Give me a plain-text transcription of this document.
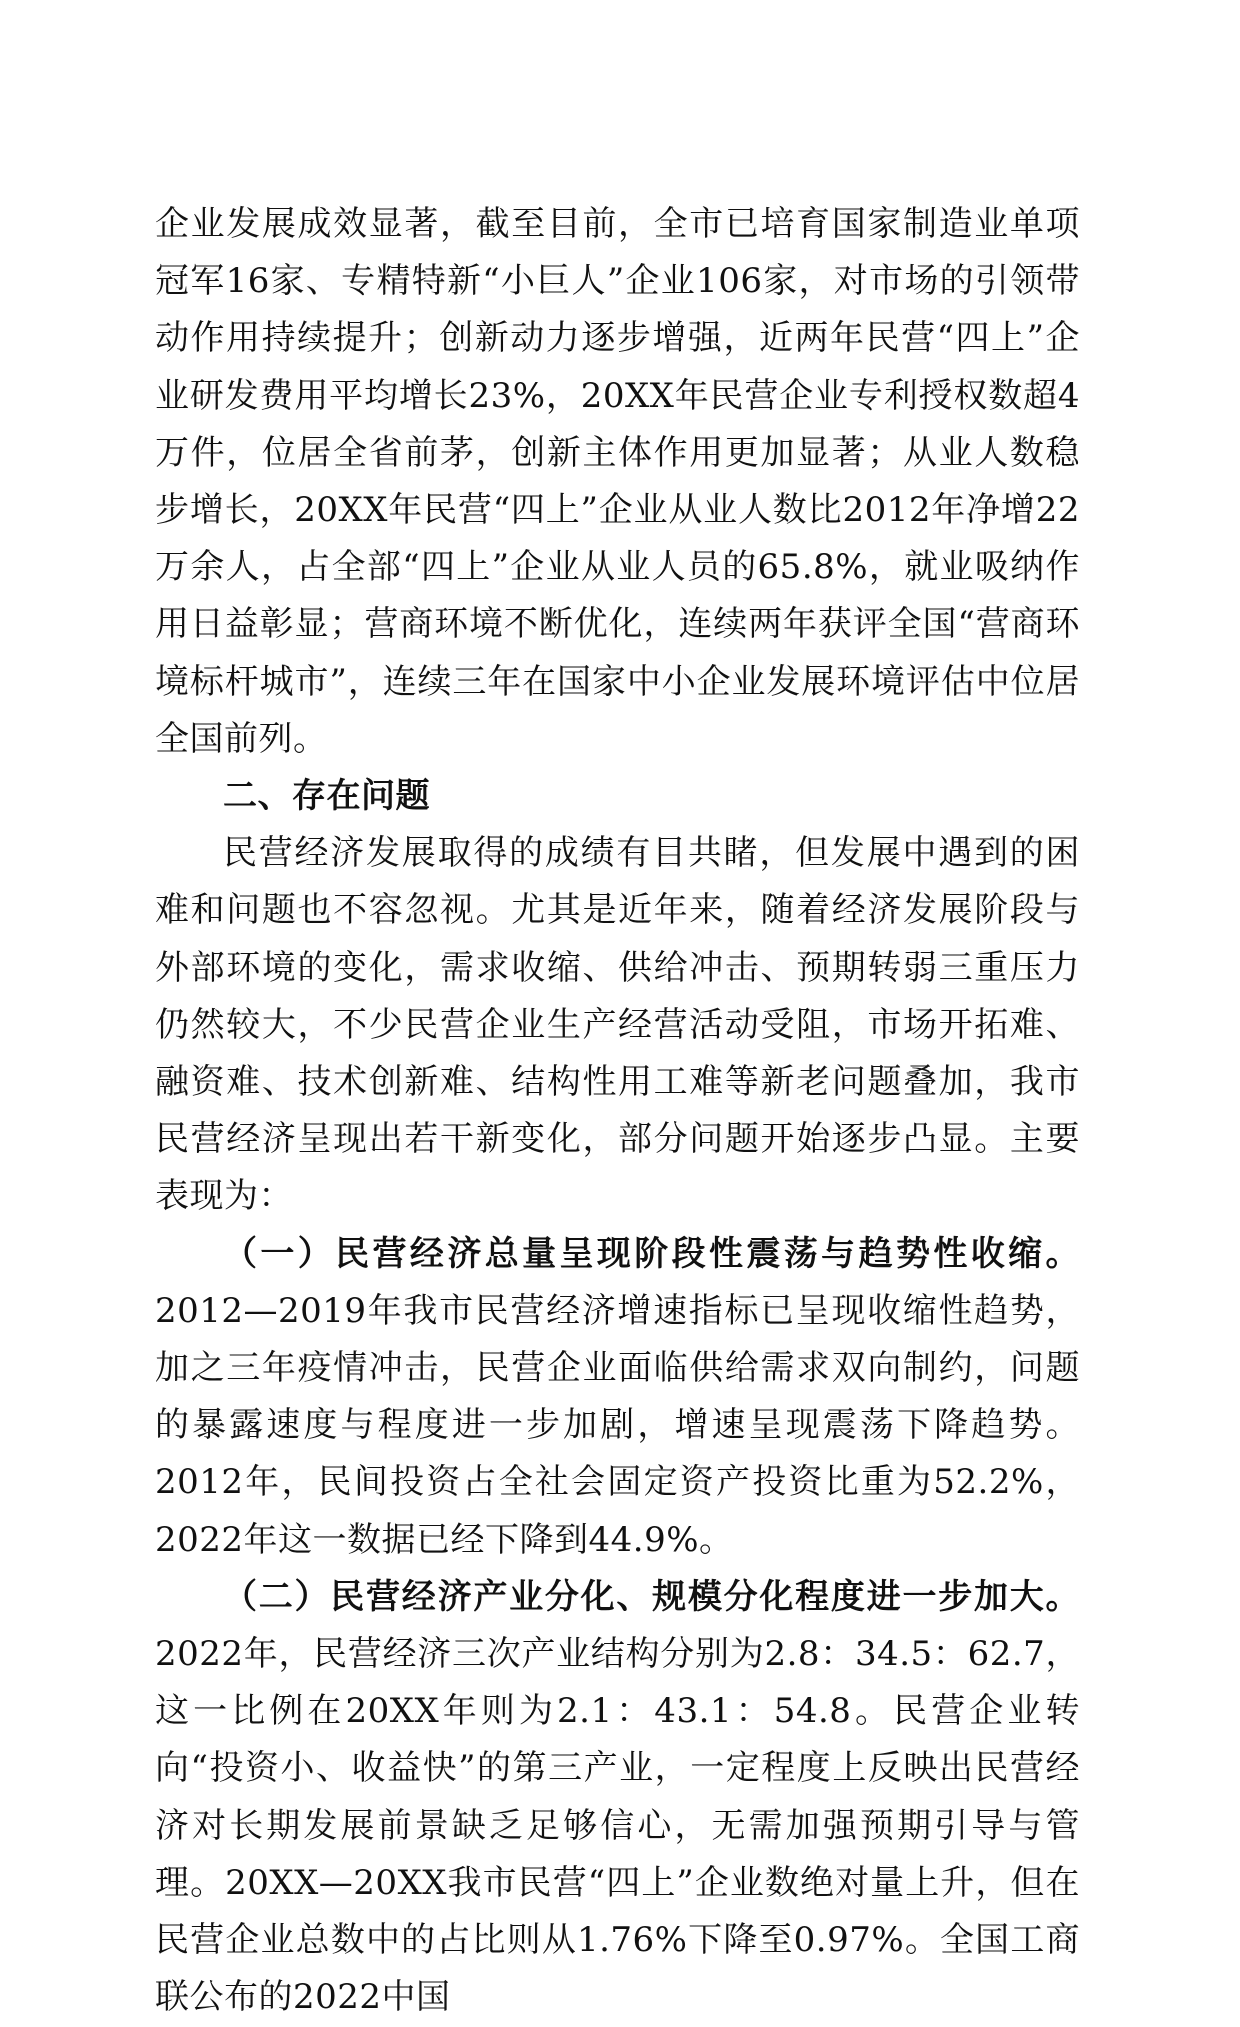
企业发展成效显著，截至目前，全市已培育国家制造业单项冠军16家、专精特新“小巨人”企业106家，对市场的引领带动作用持续提升；创新动力逐步增强，近两年民营“四上”企业研发费用平均增长23%，20XX年民营企业专利授权数超4万件，位居全省前茅，创新主体作用更加显著；从业人数稳步增长，20XX年民营“四上”企业从业人数比2012年净增22万余人，占全部“四上”企业从业人员的65.8%，就业吸纳作用日益彰显；营商环境不断优化，连续两年获评全国“营商环境标杆城市”，连续三年在国家中小企业发展环境评估中位居全国前列。

二、存在问题

民营经济发展取得的成绩有目共睹，但发展中遇到的困难和问题也不容忽视。尤其是近年来，随着经济发展阶段与外部环境的变化，需求收缩、供给冲击、预期转弱三重压力仍然较大，不少民营企业生产经营活动受阻，市场开拓难、融资难、技术创新难、结构性用工难等新老问题叠加，我市民营经济呈现出若干新变化，部分问题开始逐步凸显。主要表现为：

（一）民营经济总量呈现阶段性震荡与趋势性收缩。2012—2019年我市民营经济增速指标已呈现收缩性趋势，加之三年疫情冲击，民营企业面临供给需求双向制约，问题的暴露速度与程度进一步加剧，增速呈现震荡下降趋势。2012年，民间投资占全社会固定资产投资比重为52.2%，2022年这一数据已经下降到44.9%。

（二）民营经济产业分化、规模分化程度进一步加大。2022年，民营经济三次产业结构分别为2.8：34.5：62.7，这一比例在20XX年则为2.1：43.1：54.8。民营企业转向“投资小、收益快”的第三产业，一定程度上反映出民营经济对长期发展前景缺乏足够信心，无需加强预期引导与管理。20XX—20XX我市民营“四上”企业数绝对量上升，但在民营企业总数中的占比则从1.76%下降至0.97%。全国工商联公布的2022中国
